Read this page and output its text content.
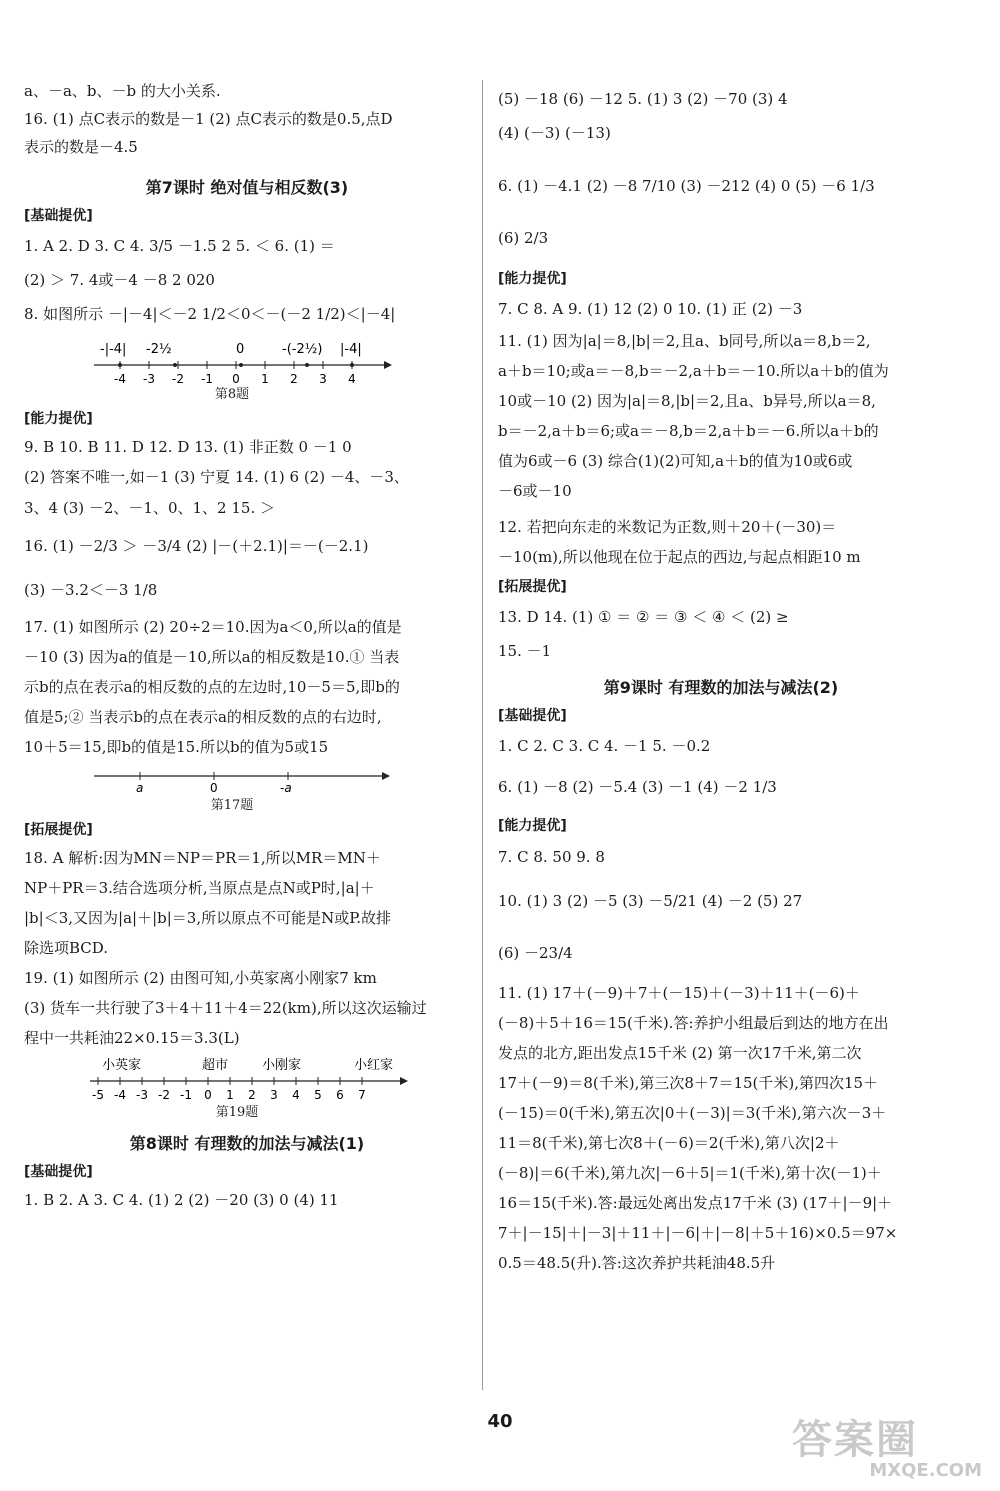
a、－a、b、－b 的大小关系.
16. (1) 点C表示的数是－1 (2) 点C表示的数是0.5,点D
表示的数是－4.5
第7课时 绝对值与相反数(3)
[基础提优]
1. A 2. D 3. C 4. 3/5 －1.5 2 5. ＜ 6. (1) ＝
(2) ＞ 7. 4或－4 －8 2 020
8. 如图所示 －|－4|＜－2 1/2＜0＜－(－2 1/2)＜|－4|
-4 -3 -2 -1 0 1 2 3 4
-|-4| -2½	0	-(-2½) |-4|
第8题
[能力提优]
9. B 10. B 11. D 12. D 13. (1) 非正数 0 －1 0
(2) 答案不唯一,如－1 (3) 宁夏 14. (1) 6 (2) －4、－3、
3、4 (3) －2、－1、0、1、2 15. ＞
16. (1) －2/3 ＞ －3/4 (2) |－(＋2.1)|＝－(－2.1)
(3) －3.2＜－3 1/8
17. (1) 如图所示 (2) 20÷2＝10.因为a＜0,所以a的值是
－10 (3) 因为a的值是－10,所以a的相反数是10.① 当表
示b的点在表示a的相反数的点的左边时,10－5＝5,即b的
值是5;② 当表示b的点在表示a的相反数的点的右边时,
10＋5＝15,即b的值是15.所以b的值为5或15
a	0	-a
第17题
[拓展提优]
18. A 解析:因为MN＝NP＝PR＝1,所以MR＝MN＋
NP＋PR＝3.结合选项分析,当原点是点N或P时,|a|＋
|b|＜3,又因为|a|＋|b|＝3,所以原点不可能是N或P.故排
除选项BCD.
19. (1) 如图所示 (2) 由图可知,小英家离小刚家7 km
(3) 货车一共行驶了3＋4＋11＋4＝22(km),所以这次运输过
程中一共耗油22×0.15＝3.3(L)
-5 -4 -3 -2 -1 0 1 2 3 4 5 6 7
小英家	超市	小刚家	小红家
第19题
第8课时 有理数的加法与减法(1)
[基础提优]
1. B 2. A 3. C 4. (1) 2 (2) －20 (3) 0 (4) 11
(5) －18 (6) －12 5. (1) 3 (2) －70 (3) 4
(4) (－3) (－13)
6. (1) －4.1 (2) －8 7/10 (3) －212 (4) 0 (5) －6 1/3
(6) 2/3
[能力提优]
7. C 8. A 9. (1) 12 (2) 0 10. (1) 正 (2) －3
11. (1) 因为|a|＝8,|b|＝2,且a、b同号,所以a＝8,b＝2,
a＋b＝10;或a＝－8,b＝－2,a＋b＝－10.所以a＋b的值为
10或－10 (2) 因为|a|＝8,|b|＝2,且a、b异号,所以a＝8,
b＝－2,a＋b＝6;或a＝－8,b＝2,a＋b＝－6.所以a＋b的
值为6或－6 (3) 综合(1)(2)可知,a＋b的值为10或6或
－6或－10
12. 若把向东走的米数记为正数,则＋20＋(－30)＝
－10(m),所以他现在位于起点的西边,与起点相距10 m
[拓展提优]
13. D 14. (1) ① ＝ ② ＝ ③ ＜ ④ ＜ (2) ≥
15. －1
第9课时 有理数的加法与减法(2)
[基础提优]
1. C 2. C 3. C 4. －1 5. －0.2
6. (1) －8 (2) －5.4 (3) －1 (4) －2 1/3
[能力提优]
7. C 8. 50 9. 8
10. (1) 3 (2) －5 (3) －5/21 (4) －2 (5) 27
(6) －23/4
11. (1) 17＋(－9)＋7＋(－15)＋(－3)＋11＋(－6)＋
(－8)＋5＋16＝15(千米).答:养护小组最后到达的地方在出
发点的北方,距出发点15千米 (2) 第一次17千米,第二次
17＋(－9)＝8(千米),第三次8＋7＝15(千米),第四次15＋
(－15)＝0(千米),第五次|0＋(－3)|＝3(千米),第六次－3＋
11＝8(千米),第七次8＋(－6)＝2(千米),第八次|2＋
(－8)|＝6(千米),第九次|－6＋5|＝1(千米),第十次(－1)＋
16＝15(千米).答:最远处离出发点17千米 (3) (17＋|－9|＋
7＋|－15|＋|－3|＋11＋|－6|＋|－8|＋5＋16)×0.5＝97×
0.5＝48.5(升).答:这次养护共耗油48.5升
40	答案圈
MXQE.COM
